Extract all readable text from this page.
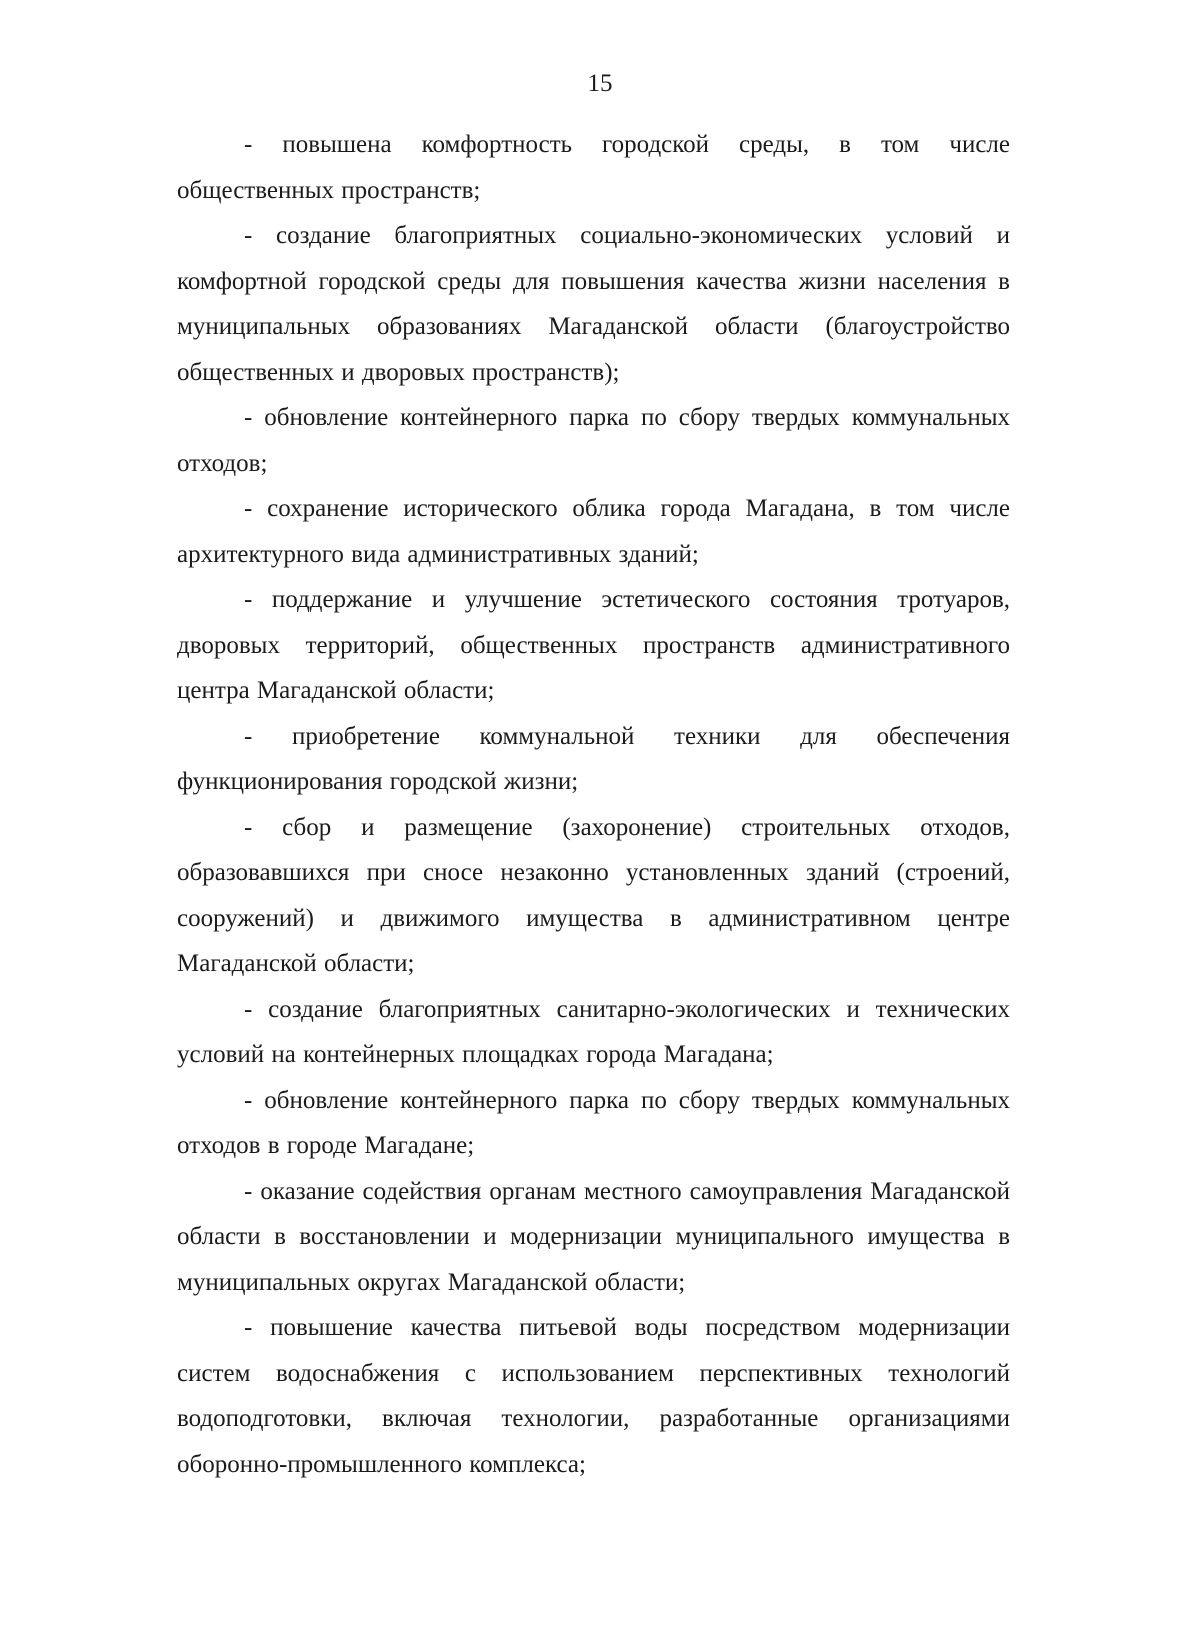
15

- повышена комфортность городской среды, в том числе общественных пространств;

- создание благоприятных социально-экономических условий и комфортной городской среды для повышения качества жизни населения в муниципальных образованиях Магаданской области (благоустройство общественных и дворовых пространств);

- обновление контейнерного парка по сбору твердых коммунальных отходов;

- сохранение исторического облика города Магадана, в том числе архитектурного вида административных зданий;

- поддержание и улучшение эстетического состояния тротуаров, дворовых территорий, общественных пространств административного центра Магаданской области;

- приобретение коммунальной техники для обеспечения функционирования городской жизни;

- сбор и размещение (захоронение) строительных отходов, образовавшихся при сносе незаконно установленных зданий (строений, сооружений) и движимого имущества в административном центре Магаданской области;

- создание благоприятных санитарно-экологических и технических условий на контейнерных площадках города Магадана;

- обновление контейнерного парка по сбору твердых коммунальных отходов в городе Магадане;

- оказание содействия органам местного самоуправления Магаданской области в восстановлении и модернизации муниципального имущества в муниципальных округах Магаданской области;

- повышение качества питьевой воды посредством модернизации систем водоснабжения с использованием перспективных технологий водоподготовки, включая технологии, разработанные организациями оборонно-промышленного комплекса;
